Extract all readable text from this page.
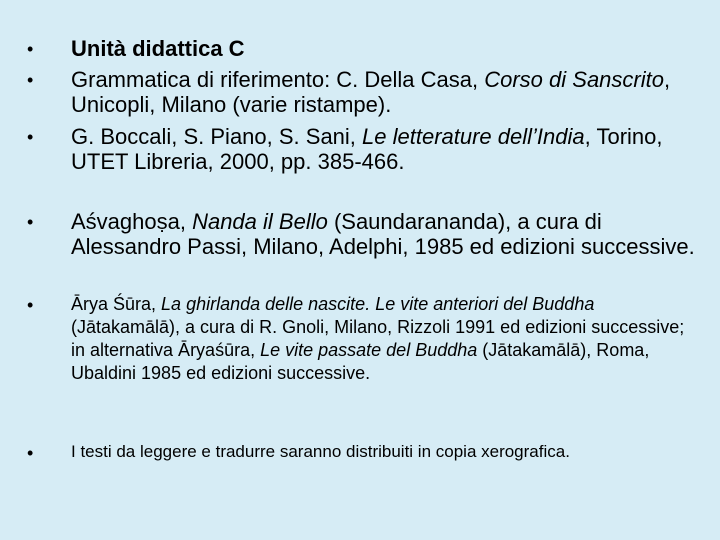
• Unità didattica C
• Grammatica di riferimento: C. Della Casa, Corso di Sanscrito, Unicopli, Milano (varie ristampe).
• G. Boccali, S. Piano, S. Sani, Le letterature dell’India, Torino, UTET Libreria, 2000, pp. 385-466.
• Aśvaghoṣa, Nanda il Bello (Saundarananda), a cura di Alessandro Passi, Milano, Adelphi, 1985 ed edizioni successive.
• Ārya Śūra, La ghirlanda delle nascite. Le vite anteriori del Buddha (Jātakamālā), a cura di R. Gnoli, Milano, Rizzoli 1991 ed edizioni successive; in alternativa Āryaśūra, Le vite passate del Buddha (Jātakamālā), Roma, Ubaldini 1985 ed edizioni successive.
• I testi da leggere e tradurre saranno distribuiti in copia xerografica.
